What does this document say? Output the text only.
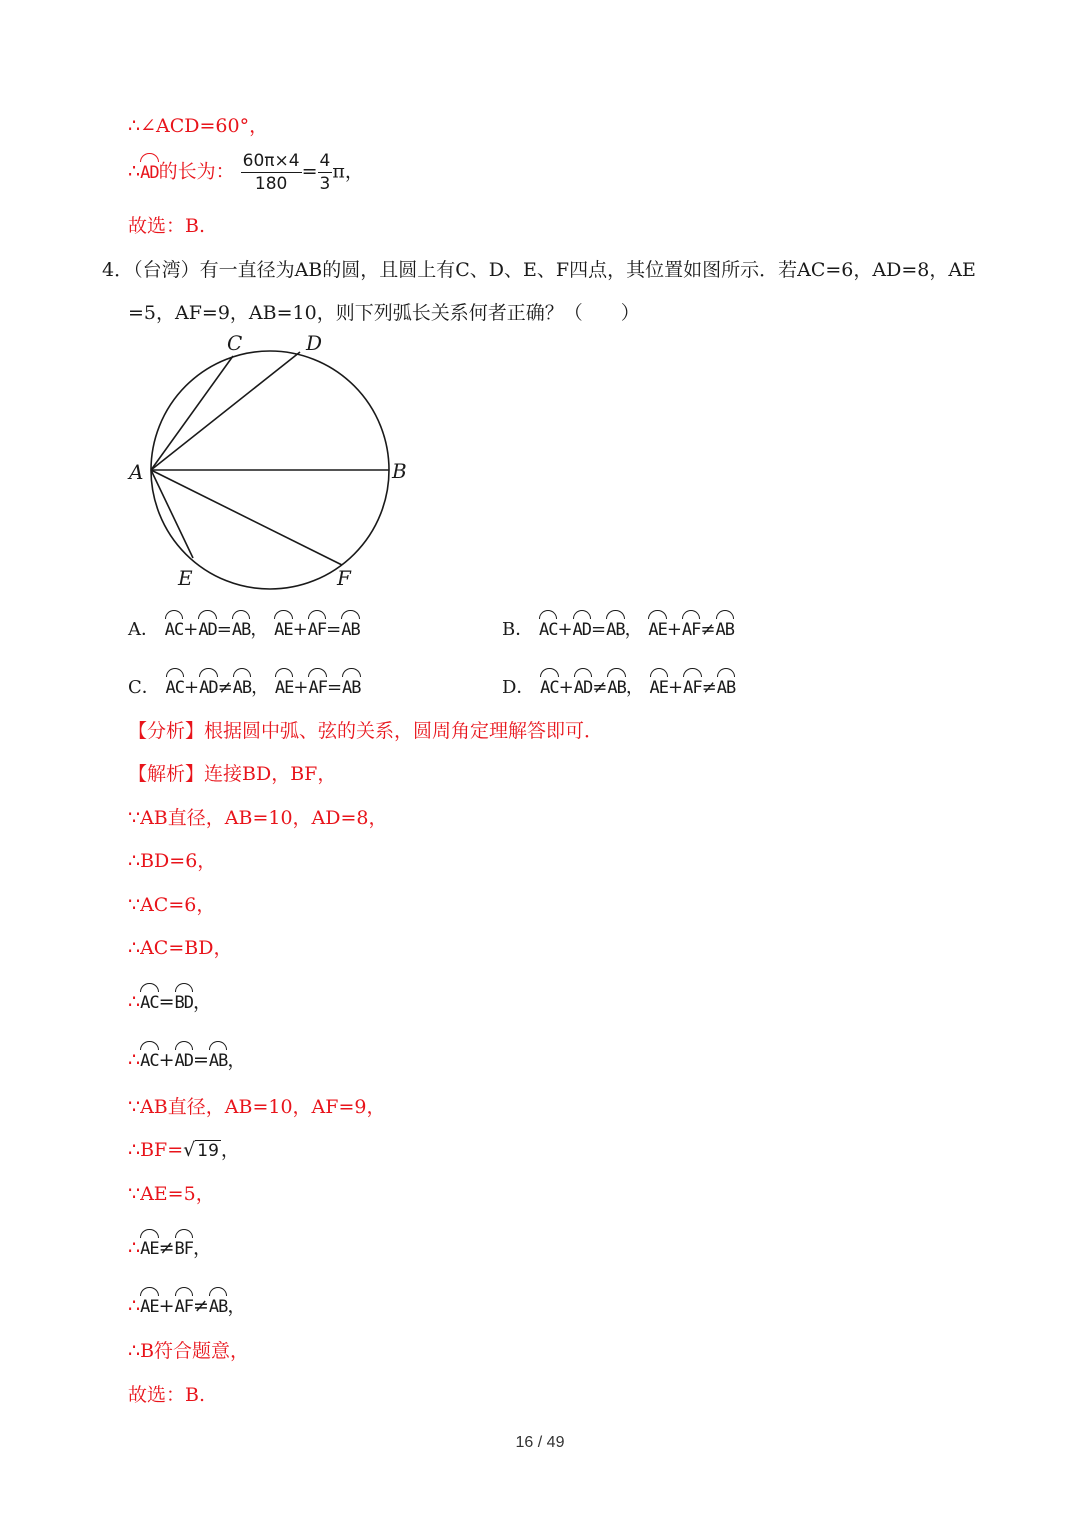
∴∠ACD=60°，
∴AD的长为： $\frac{60\pi\times 4}{180} = \frac{4}{3}$ π，
故选：B.
4．（台湾）有一直径为AB的圆，且圆上有C、D、E、F四点，其位置如图所示．若AC=6，AD=8，AE
=5，AF=9，AB=10，则下列弧长关系何者正确？（　　）
A	B
C	D
E	F
A． AC+AD=AB， AE+AF=AB	B． AC+AD=AB， AE+AF≠AB
C． AC+AD≠AB， AE+AF=AB	D． AC+AD≠AB， AE+AF≠AB
【分析】根据圆中弧、弦的关系，圆周角定理解答即可．
【解析】连接BD，BF，
∵AB直径，AB=10，AD=8，
∴BD=6，
∵AC=6，
∴AC=BD，
∴AC=BD，
∴AC+AD=AB，
∵AB直径，AB=10，AF=9，
∴BF=√ 19 ，
∵AE=5，
∴AE≠BF，
∴AE+AF≠AB，
∴B符合题意，
故选：B.
16 / 49
